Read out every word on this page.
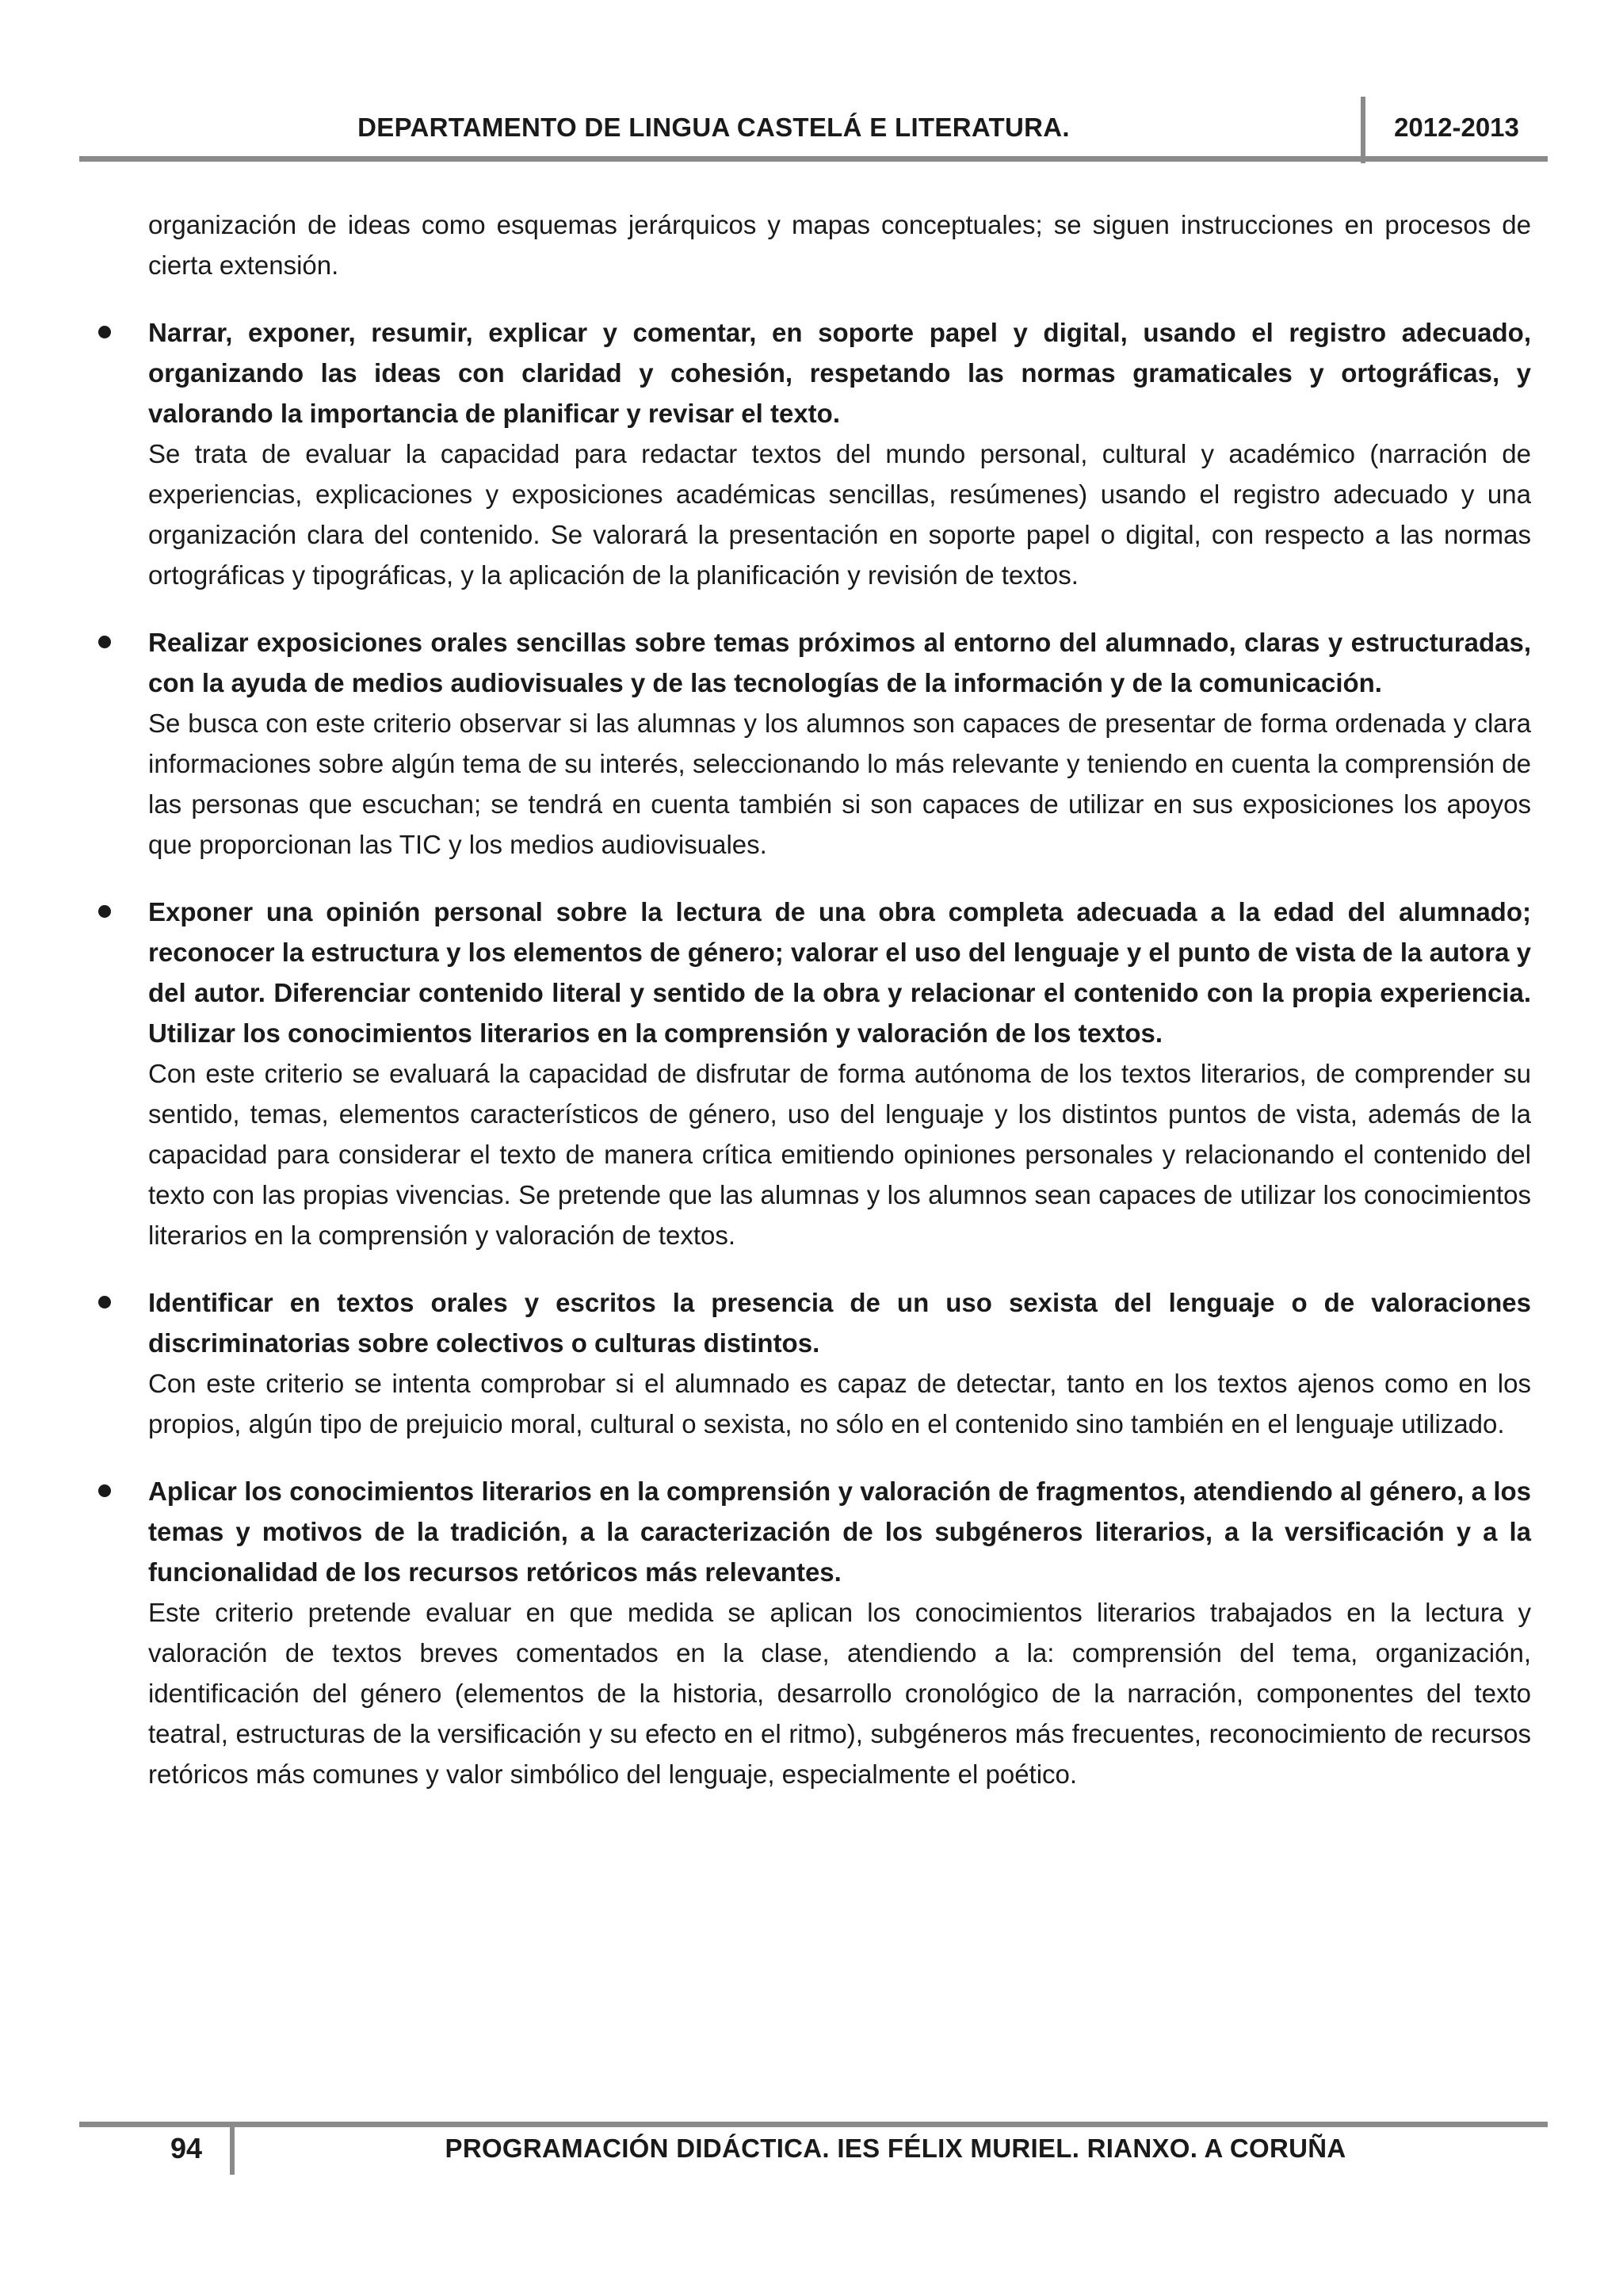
DEPARTAMENTO DE LINGUA CASTELÁ E LITERATURA.	2012-2013

organización de ideas como esquemas jerárquicos y mapas conceptuales; se siguen instrucciones en procesos de cierta extensión.

Narrar, exponer, resumir, explicar y comentar, en soporte papel y digital, usando el registro adecuado, organizando las ideas con claridad y cohesión, respetando las normas gramaticales y ortográficas, y valorando la importancia de planificar y revisar el texto.

Se trata de evaluar la capacidad para redactar textos del mundo personal, cultural y académico (narración de experiencias, explicaciones y exposiciones académicas sencillas, resúmenes) usando el registro adecuado y una organización clara del contenido. Se valorará la presentación en soporte papel o digital, con respecto a las normas ortográficas y tipográficas, y la aplicación de la planificación y revisión de textos.

Realizar exposiciones orales sencillas sobre temas próximos al entorno del alumnado, claras y estructuradas, con la ayuda de medios audiovisuales y de las tecnologías de la información y de la comunicación.

Se busca con este criterio observar si las alumnas y los alumnos son capaces de presentar de forma ordenada y clara informaciones sobre algún tema de su interés, seleccionando lo más relevante y teniendo en cuenta la comprensión de las personas que escuchan; se tendrá en cuenta también si son capaces de utilizar en sus exposiciones los apoyos que proporcionan las TIC y los medios audiovisuales.

Exponer una opinión personal sobre la lectura de una obra completa adecuada a la edad del alumnado; reconocer la estructura y los elementos de género; valorar el uso del lenguaje y el punto de vista de la autora y del autor. Diferenciar contenido literal y sentido de la obra y relacionar el contenido con la propia experiencia. Utilizar los conocimientos literarios en la comprensión y valoración de los textos.

Con este criterio se evaluará la capacidad de disfrutar de forma autónoma de los textos literarios, de comprender su sentido, temas, elementos característicos de género, uso del lenguaje y los distintos puntos de vista, además de la capacidad para considerar el texto de manera crítica emitiendo opiniones personales y relacionando el contenido del texto con las propias vivencias. Se pretende que las alumnas y los alumnos sean capaces de utilizar los conocimientos literarios en la comprensión y valoración de textos.

Identificar en textos orales y escritos la presencia de un uso sexista del lenguaje o de valoraciones discriminatorias sobre colectivos o culturas distintos.

Con este criterio se intenta comprobar si el alumnado es capaz de detectar, tanto en los textos ajenos como en los propios, algún tipo de prejuicio moral, cultural o sexista, no sólo en el contenido sino también en el lenguaje utilizado.

Aplicar los conocimientos literarios en la comprensión y valoración de fragmentos, atendiendo al género, a los temas y motivos de la tradición, a la caracterización de los subgéneros literarios, a la versificación y a la funcionalidad de los recursos retóricos más relevantes.

Este criterio pretende evaluar en que medida se aplican los conocimientos literarios trabajados en la lectura y valoración de textos breves comentados en la clase, atendiendo a la: comprensión del tema, organización, identificación del género (elementos de la historia, desarrollo cronológico de la narración, componentes del texto teatral, estructuras de la versificación y su efecto en el ritmo), subgéneros más frecuentes, reconocimiento de recursos retóricos más comunes y valor simbólico del lenguaje, especialmente el poético.

94	PROGRAMACIÓN DIDÁCTICA. IES FÉLIX MURIEL. RIANXO. A CORUÑA
